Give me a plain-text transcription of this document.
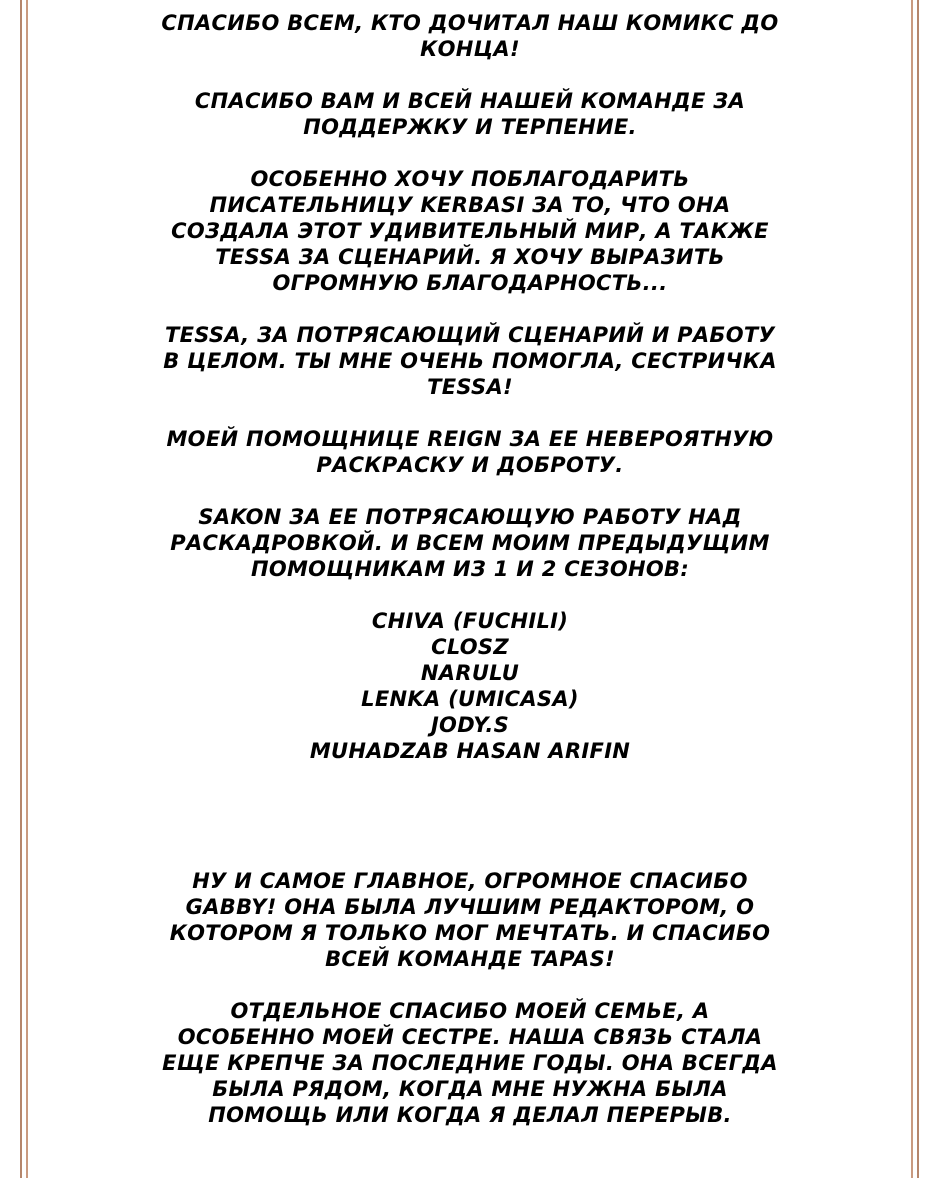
СПАСИБО ВСЕМ, КТО ДОЧИТАЛ НАШ КОМИКС ДО
КОНЦА!

СПАСИБО ВАМ И ВСЕЙ НАШЕЙ КОМАНДЕ ЗА
ПОДДЕРЖКУ И ТЕРПЕНИЕ.

ОСОБЕННО ХОЧУ ПОБЛАГОДАРИТЬ
ПИСАТЕЛЬНИЦУ KERBASI ЗА ТО, ЧТО ОНА
СОЗДАЛА ЭТОТ УДИВИТЕЛЬНЫЙ МИР, А ТАКЖЕ
TESSA ЗА СЦЕНАРИЙ. Я ХОЧУ ВЫРАЗИТЬ
ОГРОМНУЮ БЛАГОДАРНОСТЬ...

TESSA, ЗА ПОТРЯСАЮЩИЙ СЦЕНАРИЙ И РАБОТУ
В ЦЕЛОМ. ТЫ МНЕ ОЧЕНЬ ПОМОГЛА, СЕСТРИЧКА
TESSA!

МОЕЙ ПОМОЩНИЦЕ REIGN ЗА ЕЕ НЕВЕРОЯТНУЮ
РАСКРАСКУ И ДОБРОТУ.

SAKON ЗА ЕЕ ПОТРЯСАЮЩУЮ РАБОТУ НАД
РАСКАДРОВКОЙ. И ВСЕМ МОИМ ПРЕДЫДУЩИМ
ПОМОЩНИКАМ ИЗ 1 И 2 СЕЗОНОВ:

CHIVA (FUCHILI)
CLOSZ
NARULU
LENKA (UMICASA)
JODY.S
MUHADZAB HASAN ARIFIN

НУ И САМОЕ ГЛАВНОЕ, ОГРОМНОЕ СПАСИБО
GABBY! ОНА БЫЛА ЛУЧШИМ РЕДАКТОРОМ, О
КОТОРОМ Я ТОЛЬКО МОГ МЕЧТАТЬ. И СПАСИБО
ВСЕЙ КОМАНДЕ TAPAS!

ОТДЕЛЬНОЕ СПАСИБО МОЕЙ СЕМЬЕ, А
ОСОБЕННО МОЕЙ СЕСТРЕ. НАША СВЯЗЬ СТАЛА
ЕЩЕ КРЕПЧЕ ЗА ПОСЛЕДНИЕ ГОДЫ. ОНА ВСЕГДА
БЫЛА РЯДОМ, КОГДА МНЕ НУЖНА БЫЛА
ПОМОЩЬ ИЛИ КОГДА Я ДЕЛАЛ ПЕРЕРЫВ.
